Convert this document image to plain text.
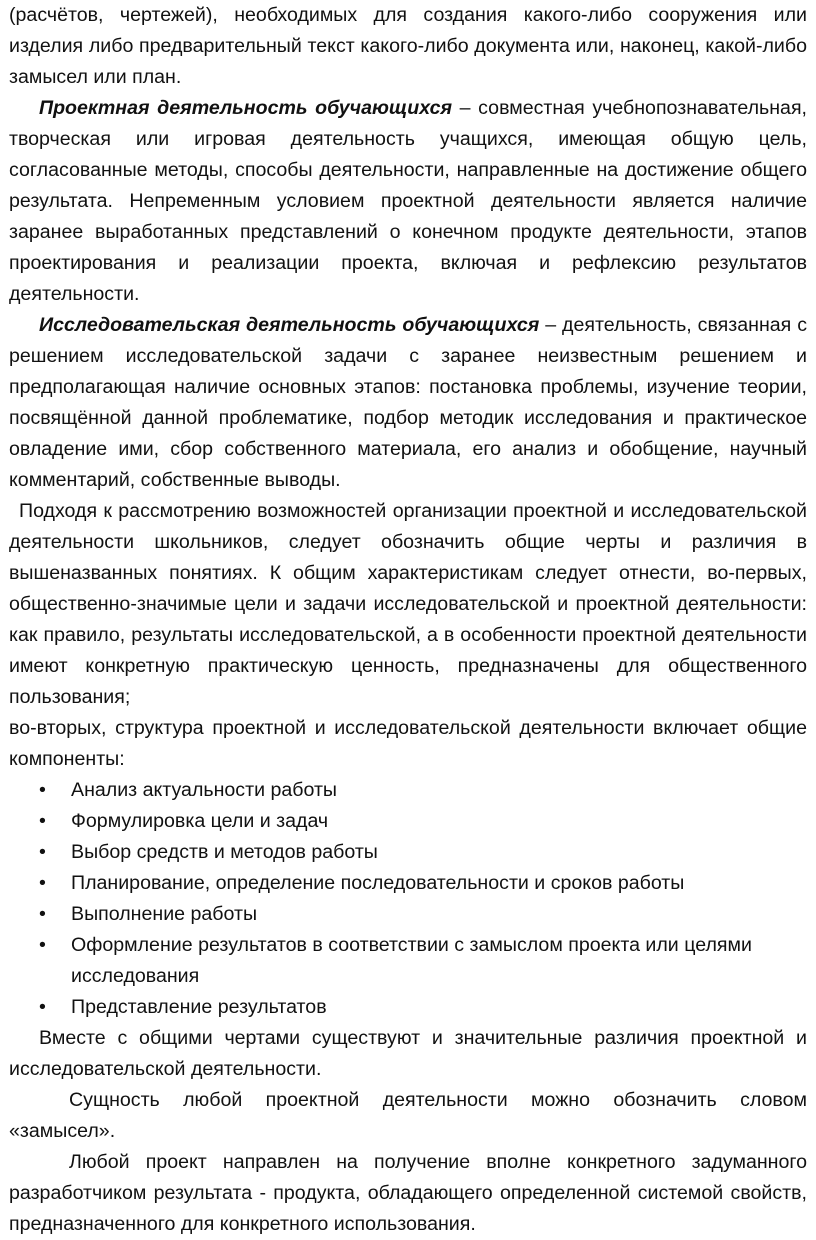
(расчётов, чертежей), необходимых для создания какого-либо сооружения или изделия либо предварительный текст какого-либо документа или, наконец, какой-либо замысел или план.

Проектная деятельность обучающихся – совместная учебнопознавательная, творческая или игровая деятельность учащихся, имеющая общую цель, согласованные методы, способы деятельности, направленные на достижение общего результата. Непременным условием проектной деятельности является наличие заранее выработанных представлений о конечном продукте деятельности, этапов проектирования и реализации проекта, включая и рефлексию результатов деятельности.

Исследовательская деятельность обучающихся – деятельность, связанная с решением исследовательской задачи с заранее неизвестным решением и предполагающая наличие основных этапов: постановка проблемы, изучение теории, посвящённой данной проблематике, подбор методик исследования и практическое овладение ими, сбор собственного материала, его анализ и обобщение, научный комментарий, собственные выводы.

Подходя к рассмотрению возможностей организации проектной и исследовательской деятельности школьников, следует обозначить общие черты и различия в вышеназванных понятиях. К общим характеристикам следует отнести, во-первых, общественно-значимые цели и задачи исследовательской и проектной деятельности: как правило, результаты исследовательской, а в особенности проектной деятельности имеют конкретную практическую ценность, предназначены для общественного пользования;

во-вторых, структура проектной и исследовательской деятельности включает общие компоненты:

• Анализ актуальности работы
• Формулировка цели и задач
• Выбор средств и методов работы
• Планирование, определение последовательности и сроков работы
• Выполнение работы
• Оформление результатов в соответствии с замыслом проекта или целями исследования
• Представление результатов

Вместе с общими чертами существуют и значительные различия проектной и исследовательской деятельности.

Сущность любой проектной деятельности можно обозначить словом «замысел».

Любой проект направлен на получение вполне конкретного задуманного разработчиком результата - продукта, обладающего определенной системой свойств, предназначенного для конкретного использования.
